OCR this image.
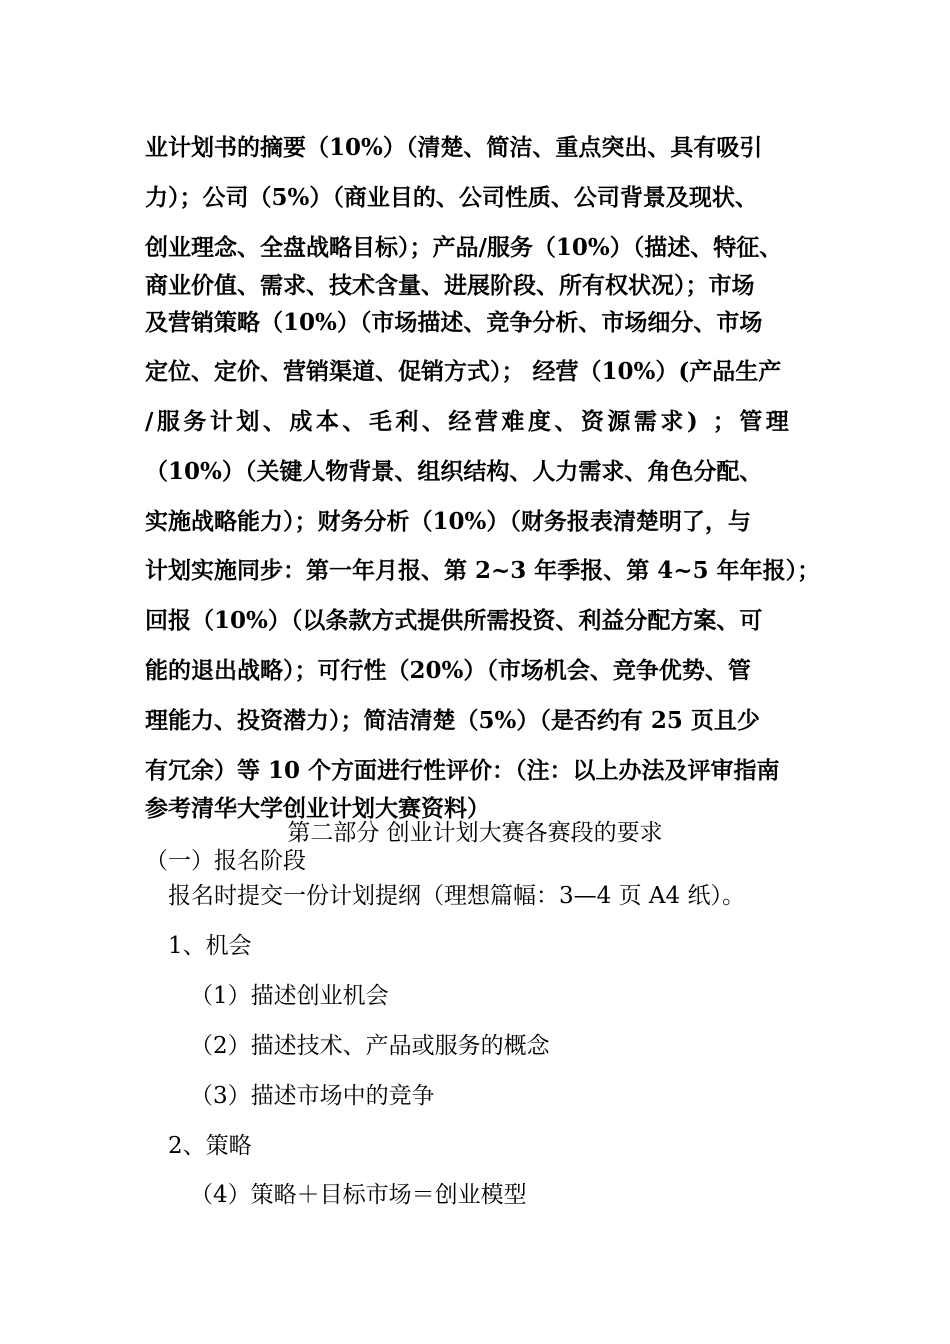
业计划书的摘要（10%）（清楚、简洁、重点突出、具有吸引
力）；公司（5%）（商业目的、公司性质、公司背景及现状、
创业理念、全盘战略目标）；产品/服务（10%）（描述、特征、
商业价值、需求、技术含量、进展阶段、所有权状况）；市场
及营销策略（10%）（市场描述、竞争分析、市场细分、市场
定位、定价、营销渠道、促销方式）； 经营（10%）(产品生产
/服务计划、成本、毛利、经营难度、资源需求) ；管理
（10%）（关键人物背景、组织结构、人力需求、角色分配、
实施战略能力）；财务分析（10%）（财务报表清楚明了，与
计划实施同步：第一年月报、第 2~3 年季报、第 4~5 年年报）；
回报（10%）（以条款方式提供所需投资、利益分配方案、可
能的退出战略）；可行性（20%）（市场机会、竞争优势、管
理能力、投资潜力）；简洁清楚（5%）（是否约有 25 页且少
有冗余）等 10 个方面进行性评价：（注：以上办法及评审指南
参考清华大学创业计划大赛资料）
第二部分 创业计划大赛各赛段的要求
（一）报名阶段
报名时提交一份计划提纲（理想篇幅：3—4 页 A4 纸）。
1、机会
（1）描述创业机会
（2）描述技术、产品或服务的概念
（3）描述市场中的竞争
2、策略
（4）策略＋目标市场＝创业模型
